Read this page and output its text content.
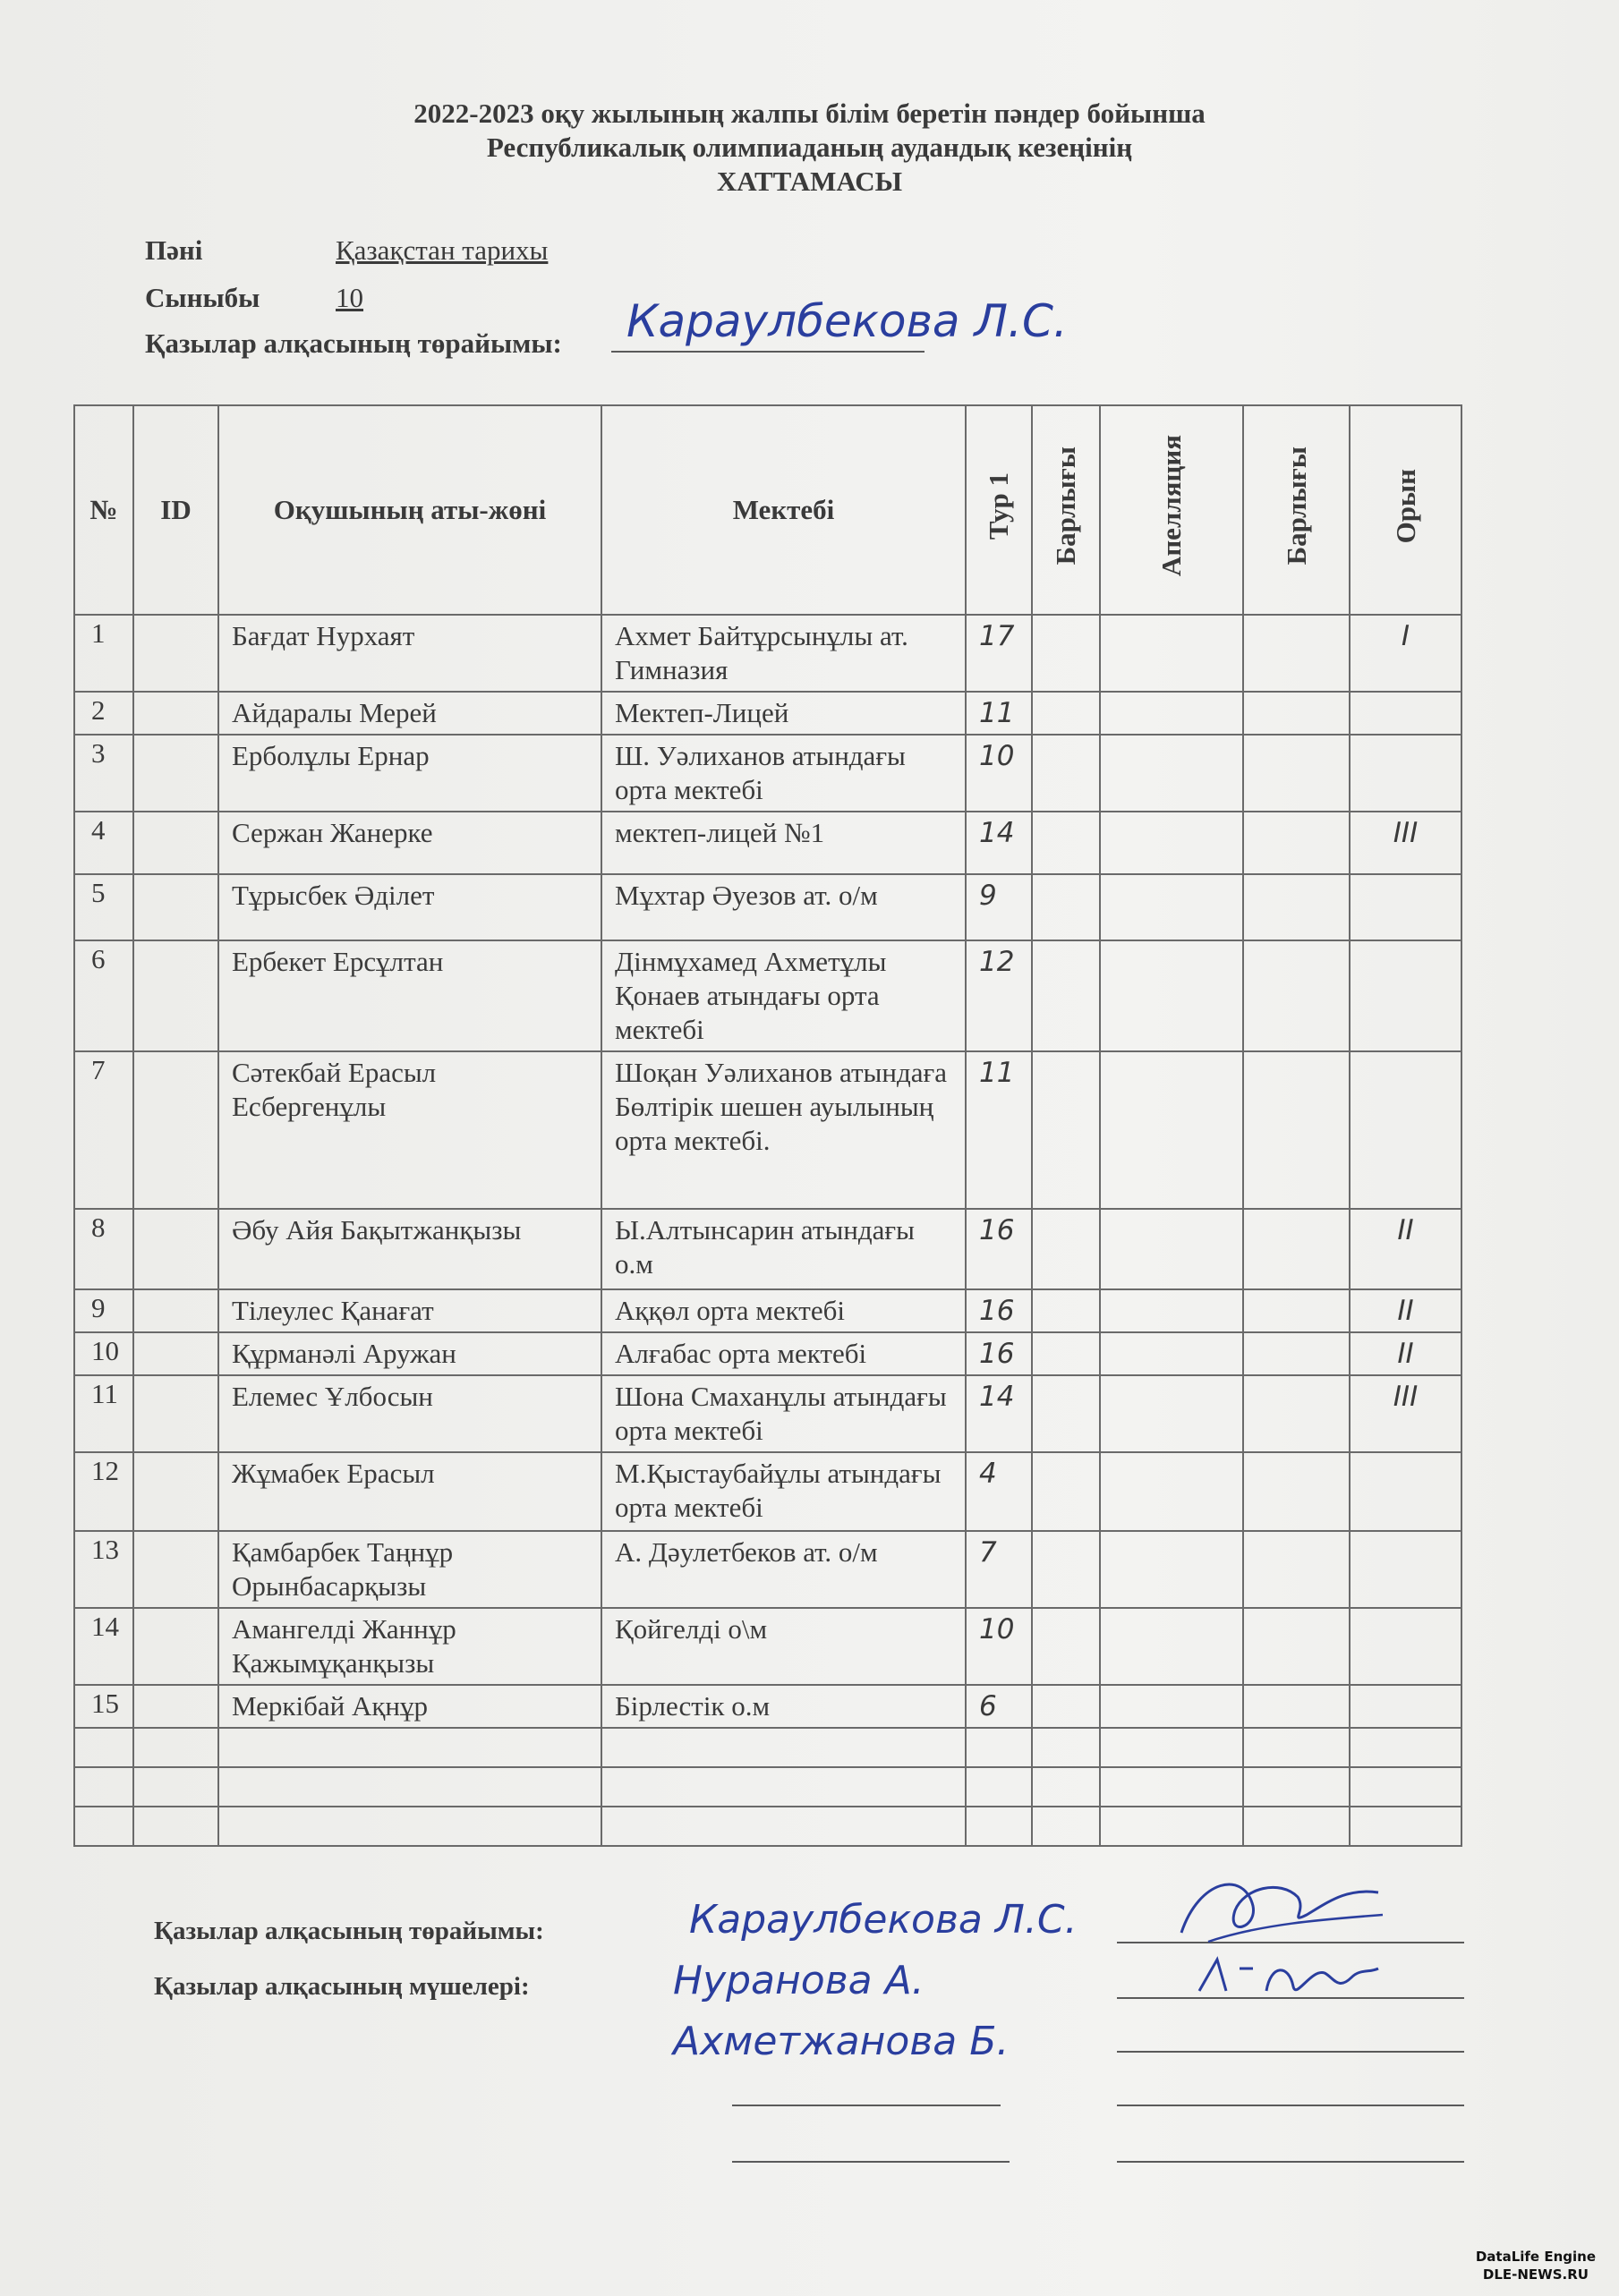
2022-2023 оқу жылының жалпы білім беретін пәндер бойынша
Республикалық олимпиаданың аудандық кезеңінің
ХАТТАМАСЫ
Пәні	Қазақстан тарихы
Сыныбы	10
Қазылар алқасының төрайымы: Караулбекова Л.С.
№	ID	Оқушының аты-жөні	Мектебі	Тур 1	Барлығы	Апелляция	Барлығы	Орын
1		Бағдат Нурхаят	Ахмет Байтұрсынұлы ат. Гимназия	17				I
2		Айдаралы Мерей	Мектеп-Лицей	11				
3		Ерболұлы Ернар	Ш. Уәлиханов атындағы орта мектебі	10				
4		Сержан Жанерке	мектеп-лицей №1	14				III
5		Тұрысбек Әділет	Мұхтар Әуезов ат. о/м	9				
6		Ербекет Ерсұлтан	Дінмұхамед Ахметұлы Қонаев атындағы орта мектебі	12				
7		Сәтекбай Ерасыл Есбергенұлы	Шоқан Уәлиханов атындаға Бөлтірік шешен ауылының орта мектебі.	11				
8		Әбу Айя Бақытжанқызы	Ы.Алтынсарин атындағы о.м	16				II
9		Тілеулес Қанағат	Аққөл орта мектебі	16				II
10		Құрманәлі Аружан	Алғабас орта мектебі	16				II
11		Елемес Ұлбосын	Шона Смаханұлы атындағы орта мектебі	14				III
12		Жұмабек Ерасыл	М.Қыстаубайұлы атындағы орта мектебі	4				
13		Қамбарбек Таңнұр Орынбасарқызы	А. Дәулетбеков ат. о/м	7				
14		Амангелді Жаннұр Қажымұқанқызы	Қойгелді о\м	10				
15		Меркібай Ақнұр	Бірлестік о.м	6				

Қазылар алқасының төрайымы:
Қазылар алқасының мүшелері:
Караулбекова Л.С.
Нуранова А.
Ахметжанова Б.
DataLife Engine
DLE-NEWS.RU
